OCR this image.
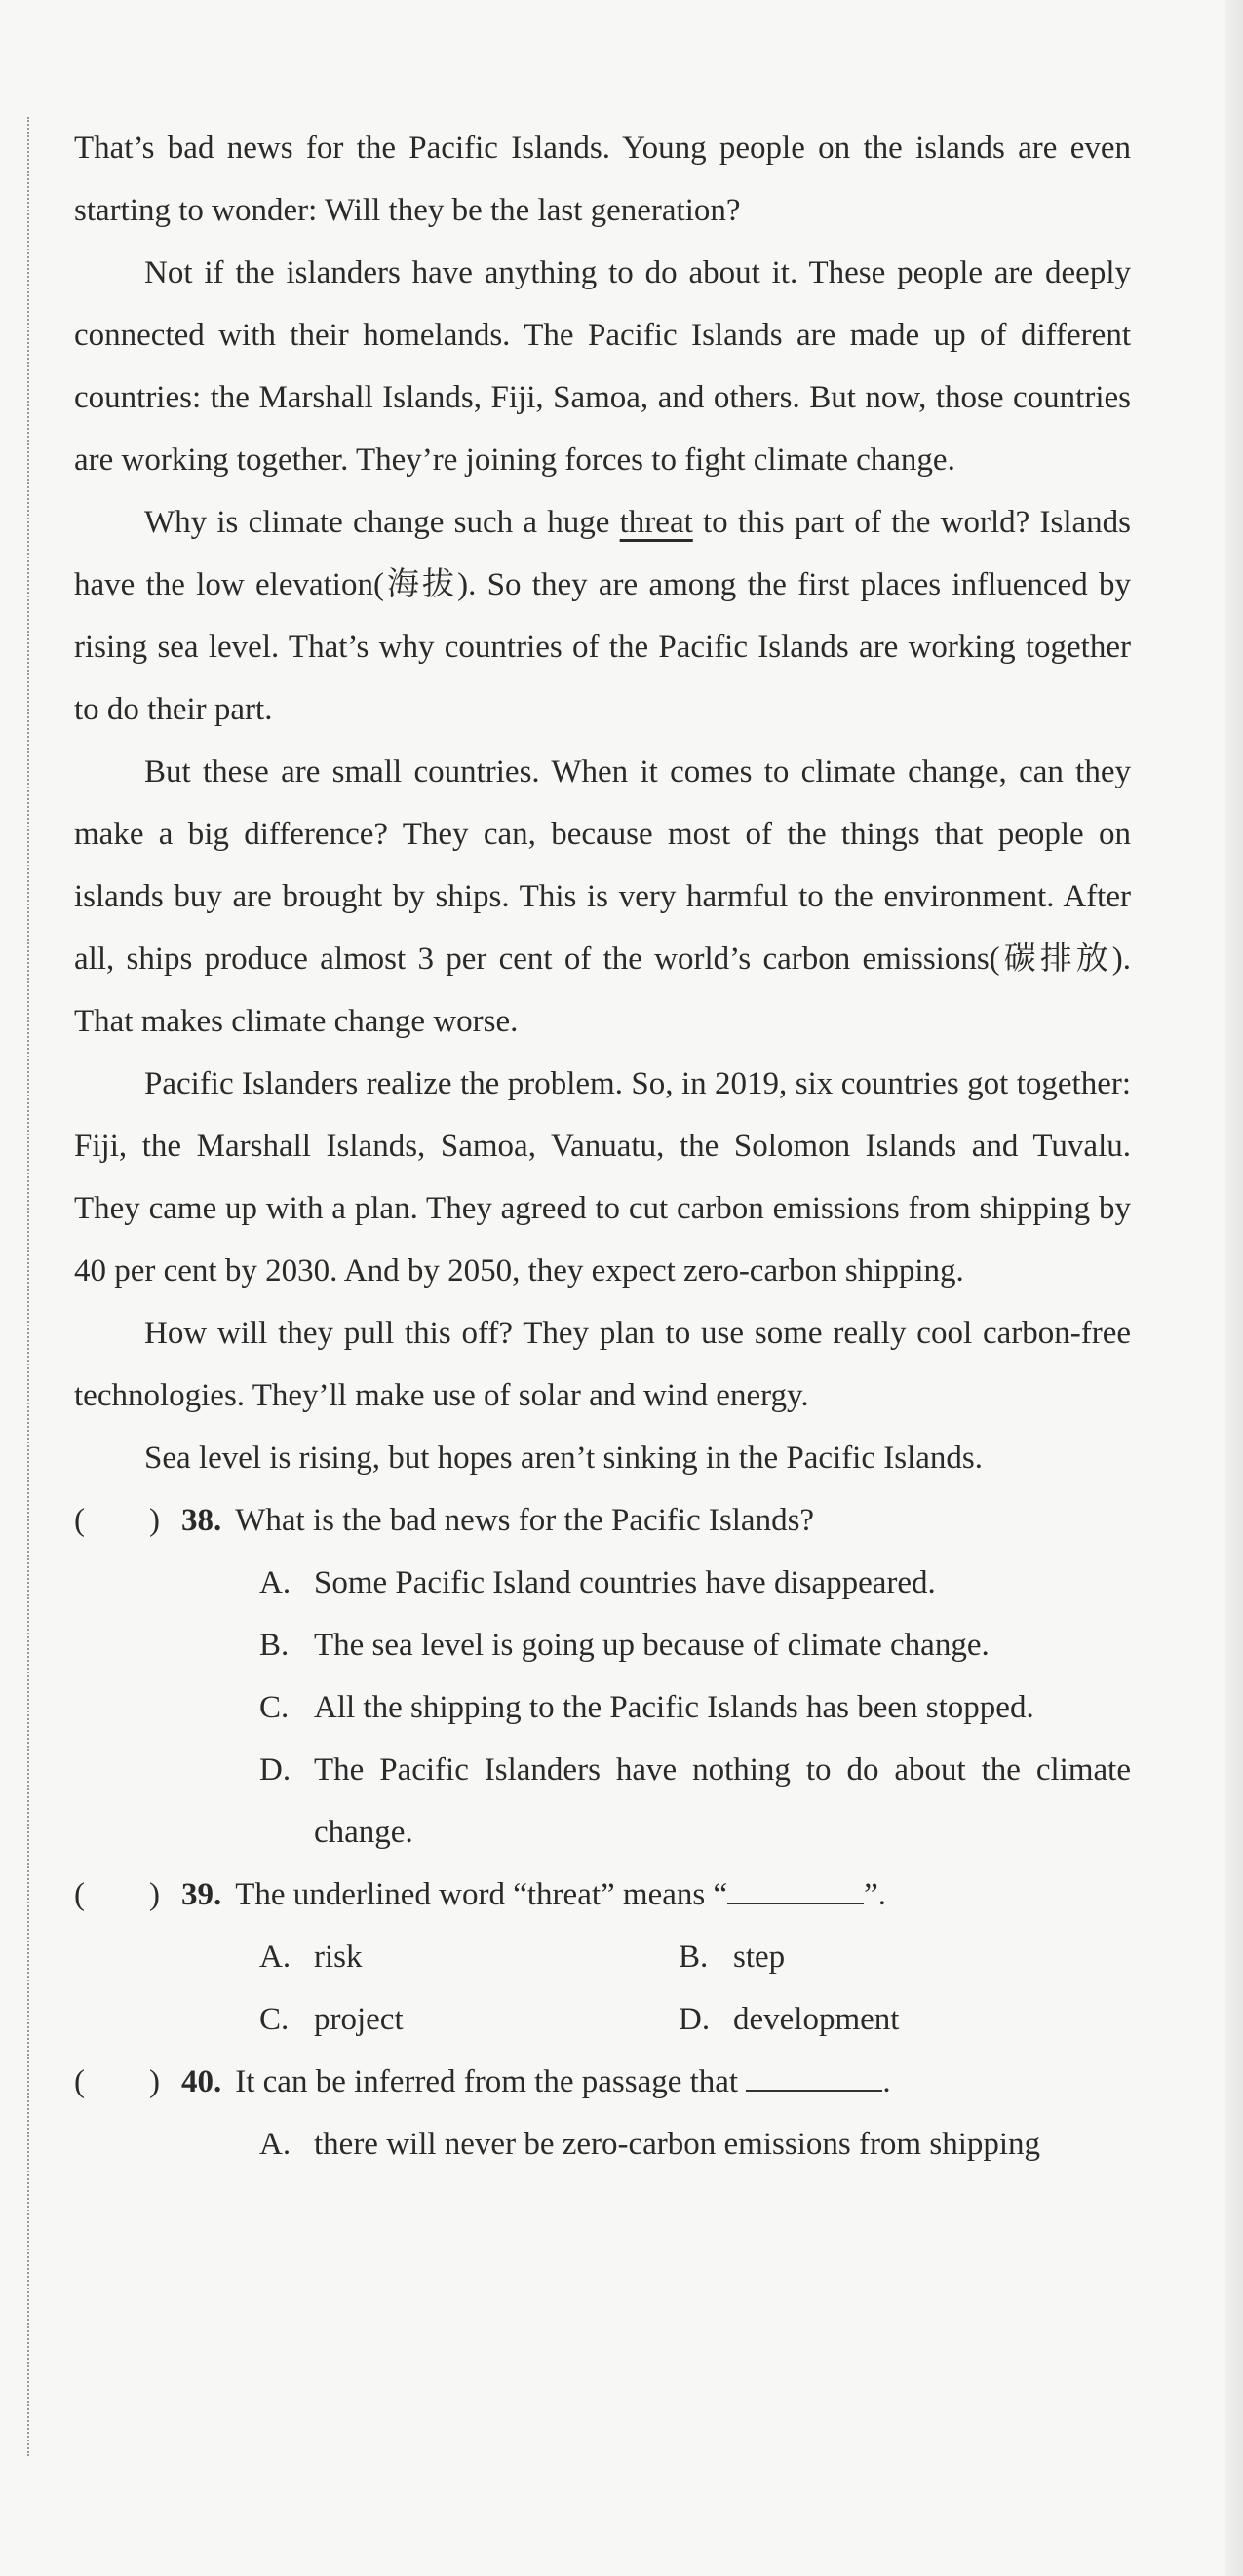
That’s bad news for the Pacific Islands. Young people on the islands are even starting to wonder: Will they be the last generation?

Not if the islanders have anything to do about it. These people are deeply connected with their homelands. The Pacific Islands are made up of different countries: the Marshall Islands, Fiji, Samoa, and others. But now, those countries are working together. They’re joining forces to fight climate change.

Why is climate change such a huge threat to this part of the world? Islands have the low elevation(海拔). So they are among the first places influenced by rising sea level. That’s why countries of the Pacific Islands are working together to do their part.

But these are small countries. When it comes to climate change, can they make a big difference? They can, because most of the things that people on islands buy are brought by ships. This is very harmful to the environment. After all, ships produce almost 3 per cent of the world’s carbon emissions(碳排放). That makes climate change worse.

Pacific Islanders realize the problem. So, in 2019, six countries got together: Fiji, the Marshall Islands, Samoa, Vanuatu, the Solomon Islands and Tuvalu. They came up with a plan. They agreed to cut carbon emissions from shipping by 40 per cent by 2030. And by 2050, they expect zero-carbon shipping.

How will they pull this off? They plan to use some really cool carbon-free technologies. They’ll make use of solar and wind energy.

Sea level is rising, but hopes aren’t sinking in the Pacific Islands.

(        ) 38. What is the bad news for the Pacific Islands?
A. Some Pacific Island countries have disappeared.
B. The sea level is going up because of climate change.
C. All the shipping to the Pacific Islands has been stopped.
D. The Pacific Islanders have nothing to do about the climate change.
(        ) 39. The underlined word “threat” means “	”.
A. risk	B. step
C. project	D. development
(        ) 40. It can be inferred from the passage that	.
A. there will never be zero-carbon emissions from shipping
